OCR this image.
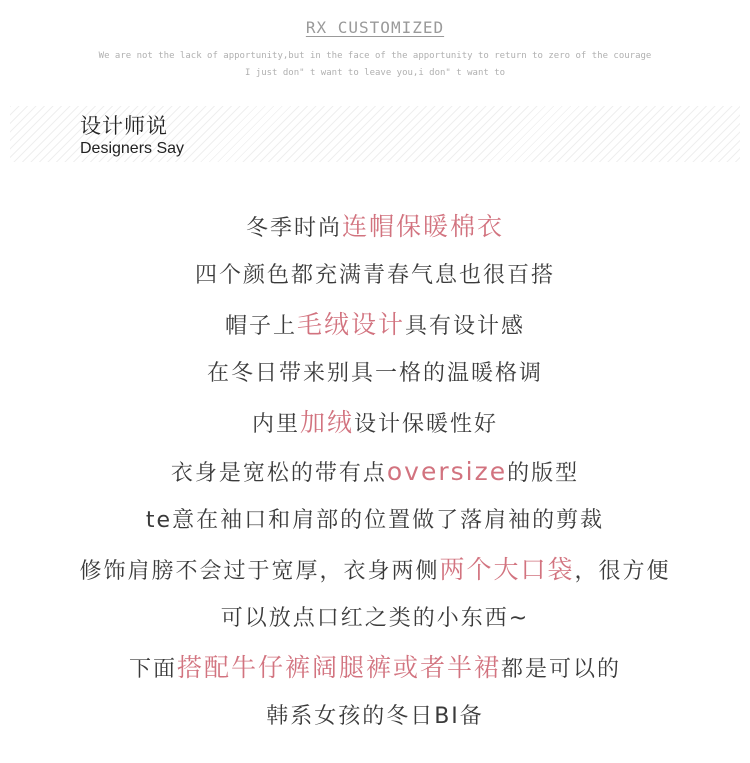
RX CUSTOMIZED
We are not the lack of apportunity,but in the face of the apportunity to return to zero of the courage
I just don" t want to leave you,i don" t want to
设计师说
Designers Say
冬季时尚连帽保暖棉衣
四个颜色都充满青春气息也很百搭
帽子上毛绒设计具有设计感
在冬日带来别具一格的温暖格调
内里加绒设计保暖性好
衣身是宽松的带有点oversize的版型
te意在袖口和肩部的位置做了落肩袖的剪裁
修饰肩膀不会过于宽厚，衣身两侧两个大口袋，很方便
可以放点口红之类的小东西~
下面搭配牛仔裤阔腿裤或者半裙都是可以的
韩系女孩的冬日BI备
